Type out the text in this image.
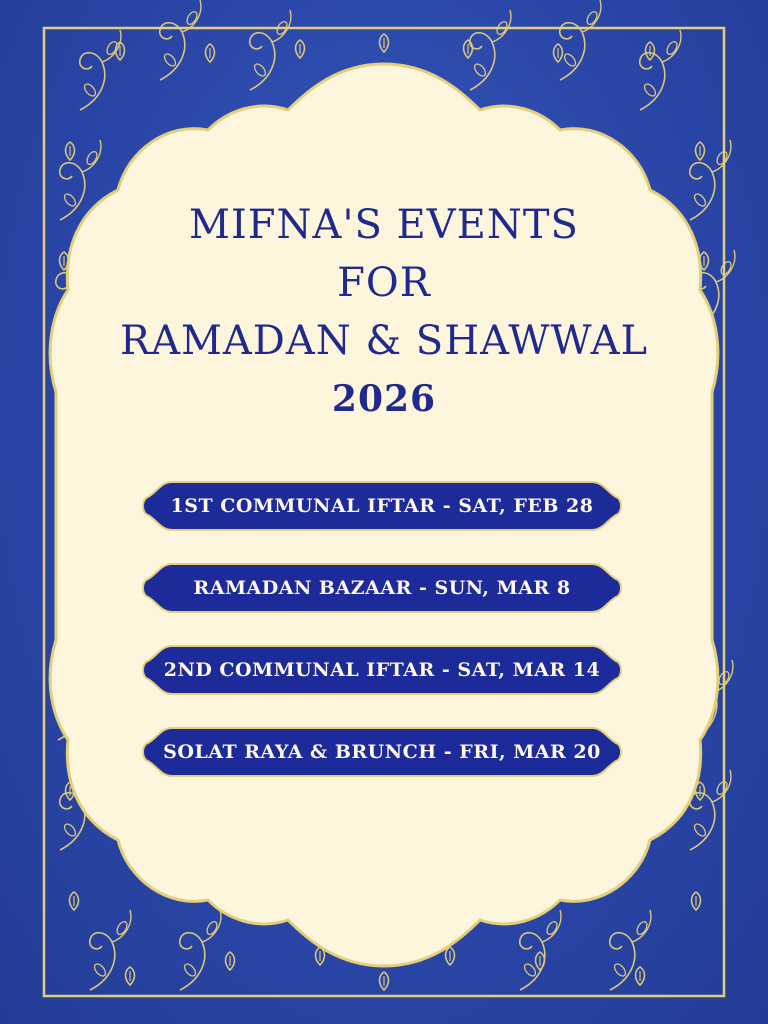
MIFNA'S EVENTS
FOR
RAMADAN & SHAWWAL
2026
1ST COMMUNAL IFTAR - SAT, FEB 28
RAMADAN BAZAAR - SUN, MAR 8
2ND COMMUNAL IFTAR - SAT, MAR 14
SOLAT RAYA & BRUNCH - FRI, MAR 20
